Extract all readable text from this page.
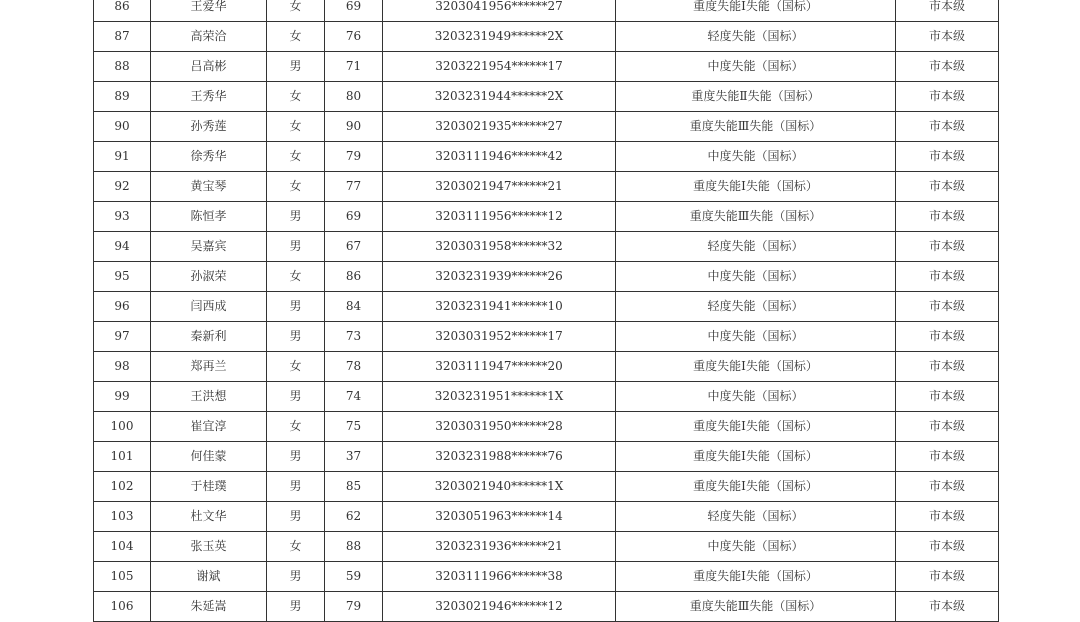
86	王爱华	女	69	3203041956******27	重度失能Ⅰ失能（国标）	市本级
87	高荣洽	女	76	3203231949******2X	轻度失能（国标）	市本级
88	吕高彬	男	71	3203221954******17	中度失能（国标）	市本级
89	王秀华	女	80	3203231944******2X	重度失能Ⅱ失能（国标）	市本级
90	孙秀莲	女	90	3203021935******27	重度失能Ⅲ失能（国标）	市本级
91	徐秀华	女	79	3203111946******42	中度失能（国标）	市本级
92	黄宝琴	女	77	3203021947******21	重度失能Ⅰ失能（国标）	市本级
93	陈恒孝	男	69	3203111956******12	重度失能Ⅲ失能（国标）	市本级
94	吴嘉宾	男	67	3203031958******32	轻度失能（国标）	市本级
95	孙淑荣	女	86	3203231939******26	中度失能（国标）	市本级
96	闫西成	男	84	3203231941******10	轻度失能（国标）	市本级
97	秦新利	男	73	3203031952******17	中度失能（国标）	市本级
98	郑再兰	女	78	3203111947******20	重度失能Ⅰ失能（国标）	市本级
99	王洪想	男	74	3203231951******1X	中度失能（国标）	市本级
100	崔宜淳	女	75	3203031950******28	重度失能Ⅰ失能（国标）	市本级
101	何佳蒙	男	37	3203231988******76	重度失能Ⅰ失能（国标）	市本级
102	于桂璞	男	85	3203021940******1X	重度失能Ⅰ失能（国标）	市本级
103	杜文华	男	62	3203051963******14	轻度失能（国标）	市本级
104	张玉英	女	88	3203231936******21	中度失能（国标）	市本级
105	谢斌	男	59	3203111966******38	重度失能Ⅰ失能（国标）	市本级
106	朱延嵩	男	79	3203021946******12	重度失能Ⅲ失能（国标）	市本级
